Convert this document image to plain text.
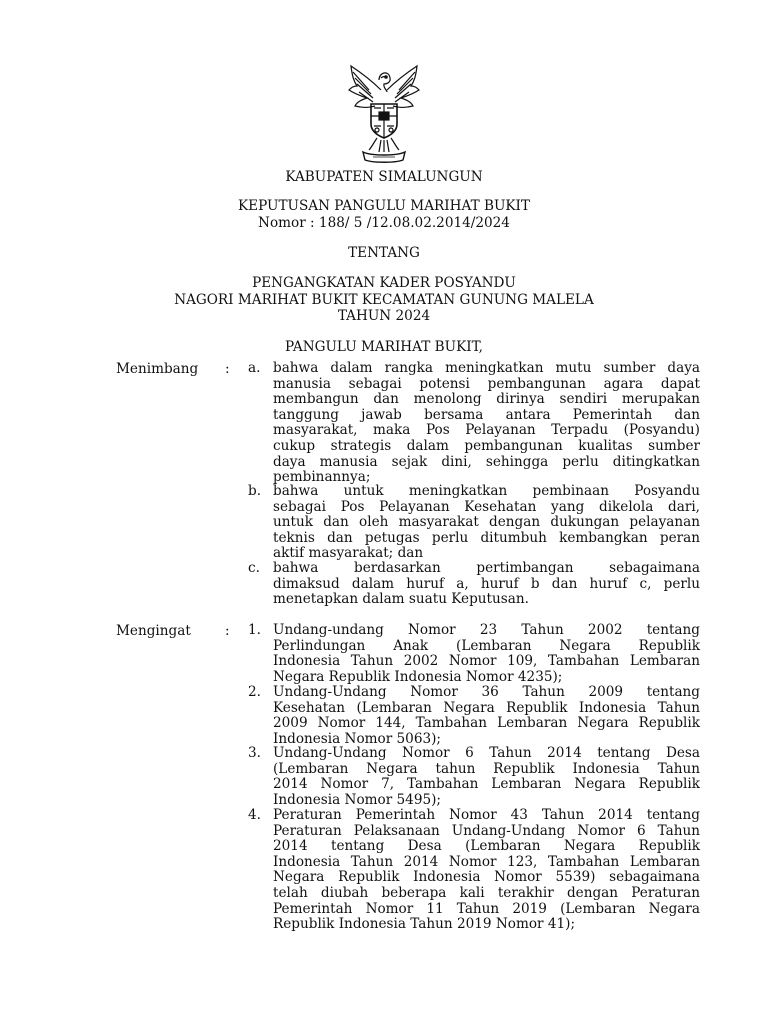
KABUPATEN SIMALUNGUN
KEPUTUSAN PANGULU MARIHAT BUKIT
Nomor : 188/ 5 /12.08.02.2014/2024
TENTANG
PENGANGKATAN KADER POSYANDU
NAGORI MARIHAT BUKIT KECAMATAN GUNUNG MALELA
TAHUN 2024
PANGULU MARIHAT BUKIT,
Menimbang : a. bahwa dalam rangka meningkatkan mutu sumber daya
manusia sebagai potensi pembangunan agara dapat
membangun dan menolong dirinya sendiri merupakan
tanggung jawab bersama antara Pemerintah dan
masyarakat, maka Pos Pelayanan Terpadu (Posyandu)
cukup strategis dalam pembangunan kualitas sumber
daya manusia sejak dini, sehingga perlu ditingkatkan
pembinannya;
b. bahwa untuk meningkatkan pembinaan Posyandu
sebagai Pos Pelayanan Kesehatan yang dikelola dari,
untuk dan oleh masyarakat dengan dukungan pelayanan
teknis dan petugas perlu ditumbuh kembangkan peran
aktif masyarakat; dan
c. bahwa berdasarkan pertimbangan sebagaimana
dimaksud dalam huruf a, huruf b dan huruf c, perlu
menetapkan dalam suatu Keputusan.
Mengingat	: 1. Undang-undang Nomor 23 Tahun 2002 tentang
Perlindungan Anak (Lembaran Negara Republik
Indonesia Tahun 2002 Nomor 109, Tambahan Lembaran
Negara Republik Indonesia Nomor 4235);
2. Undang-Undang Nomor 36 Tahun 2009 tentang
Kesehatan (Lembaran Negara Republik Indonesia Tahun
2009 Nomor 144, Tambahan Lembaran Negara Republik
Indonesia Nomor 5063);
3. Undang-Undang Nomor 6 Tahun 2014 tentang Desa
(Lembaran Negara tahun Republik Indonesia Tahun
2014 Nomor 7, Tambahan Lembaran Negara Republik
Indonesia Nomor 5495);
4. Peraturan Pemerintah Nomor 43 Tahun 2014 tentang
Peraturan Pelaksanaan Undang-Undang Nomor 6 Tahun
2014 tentang Desa (Lembaran Negara Republik
Indonesia Tahun 2014 Nomor 123, Tambahan Lembaran
Negara Republik Indonesia Nomor 5539) sebagaimana
telah diubah beberapa kali terakhir dengan Peraturan
Pemerintah Nomor 11 Tahun 2019 (Lembaran Negara
Republik Indonesia Tahun 2019 Nomor 41);
